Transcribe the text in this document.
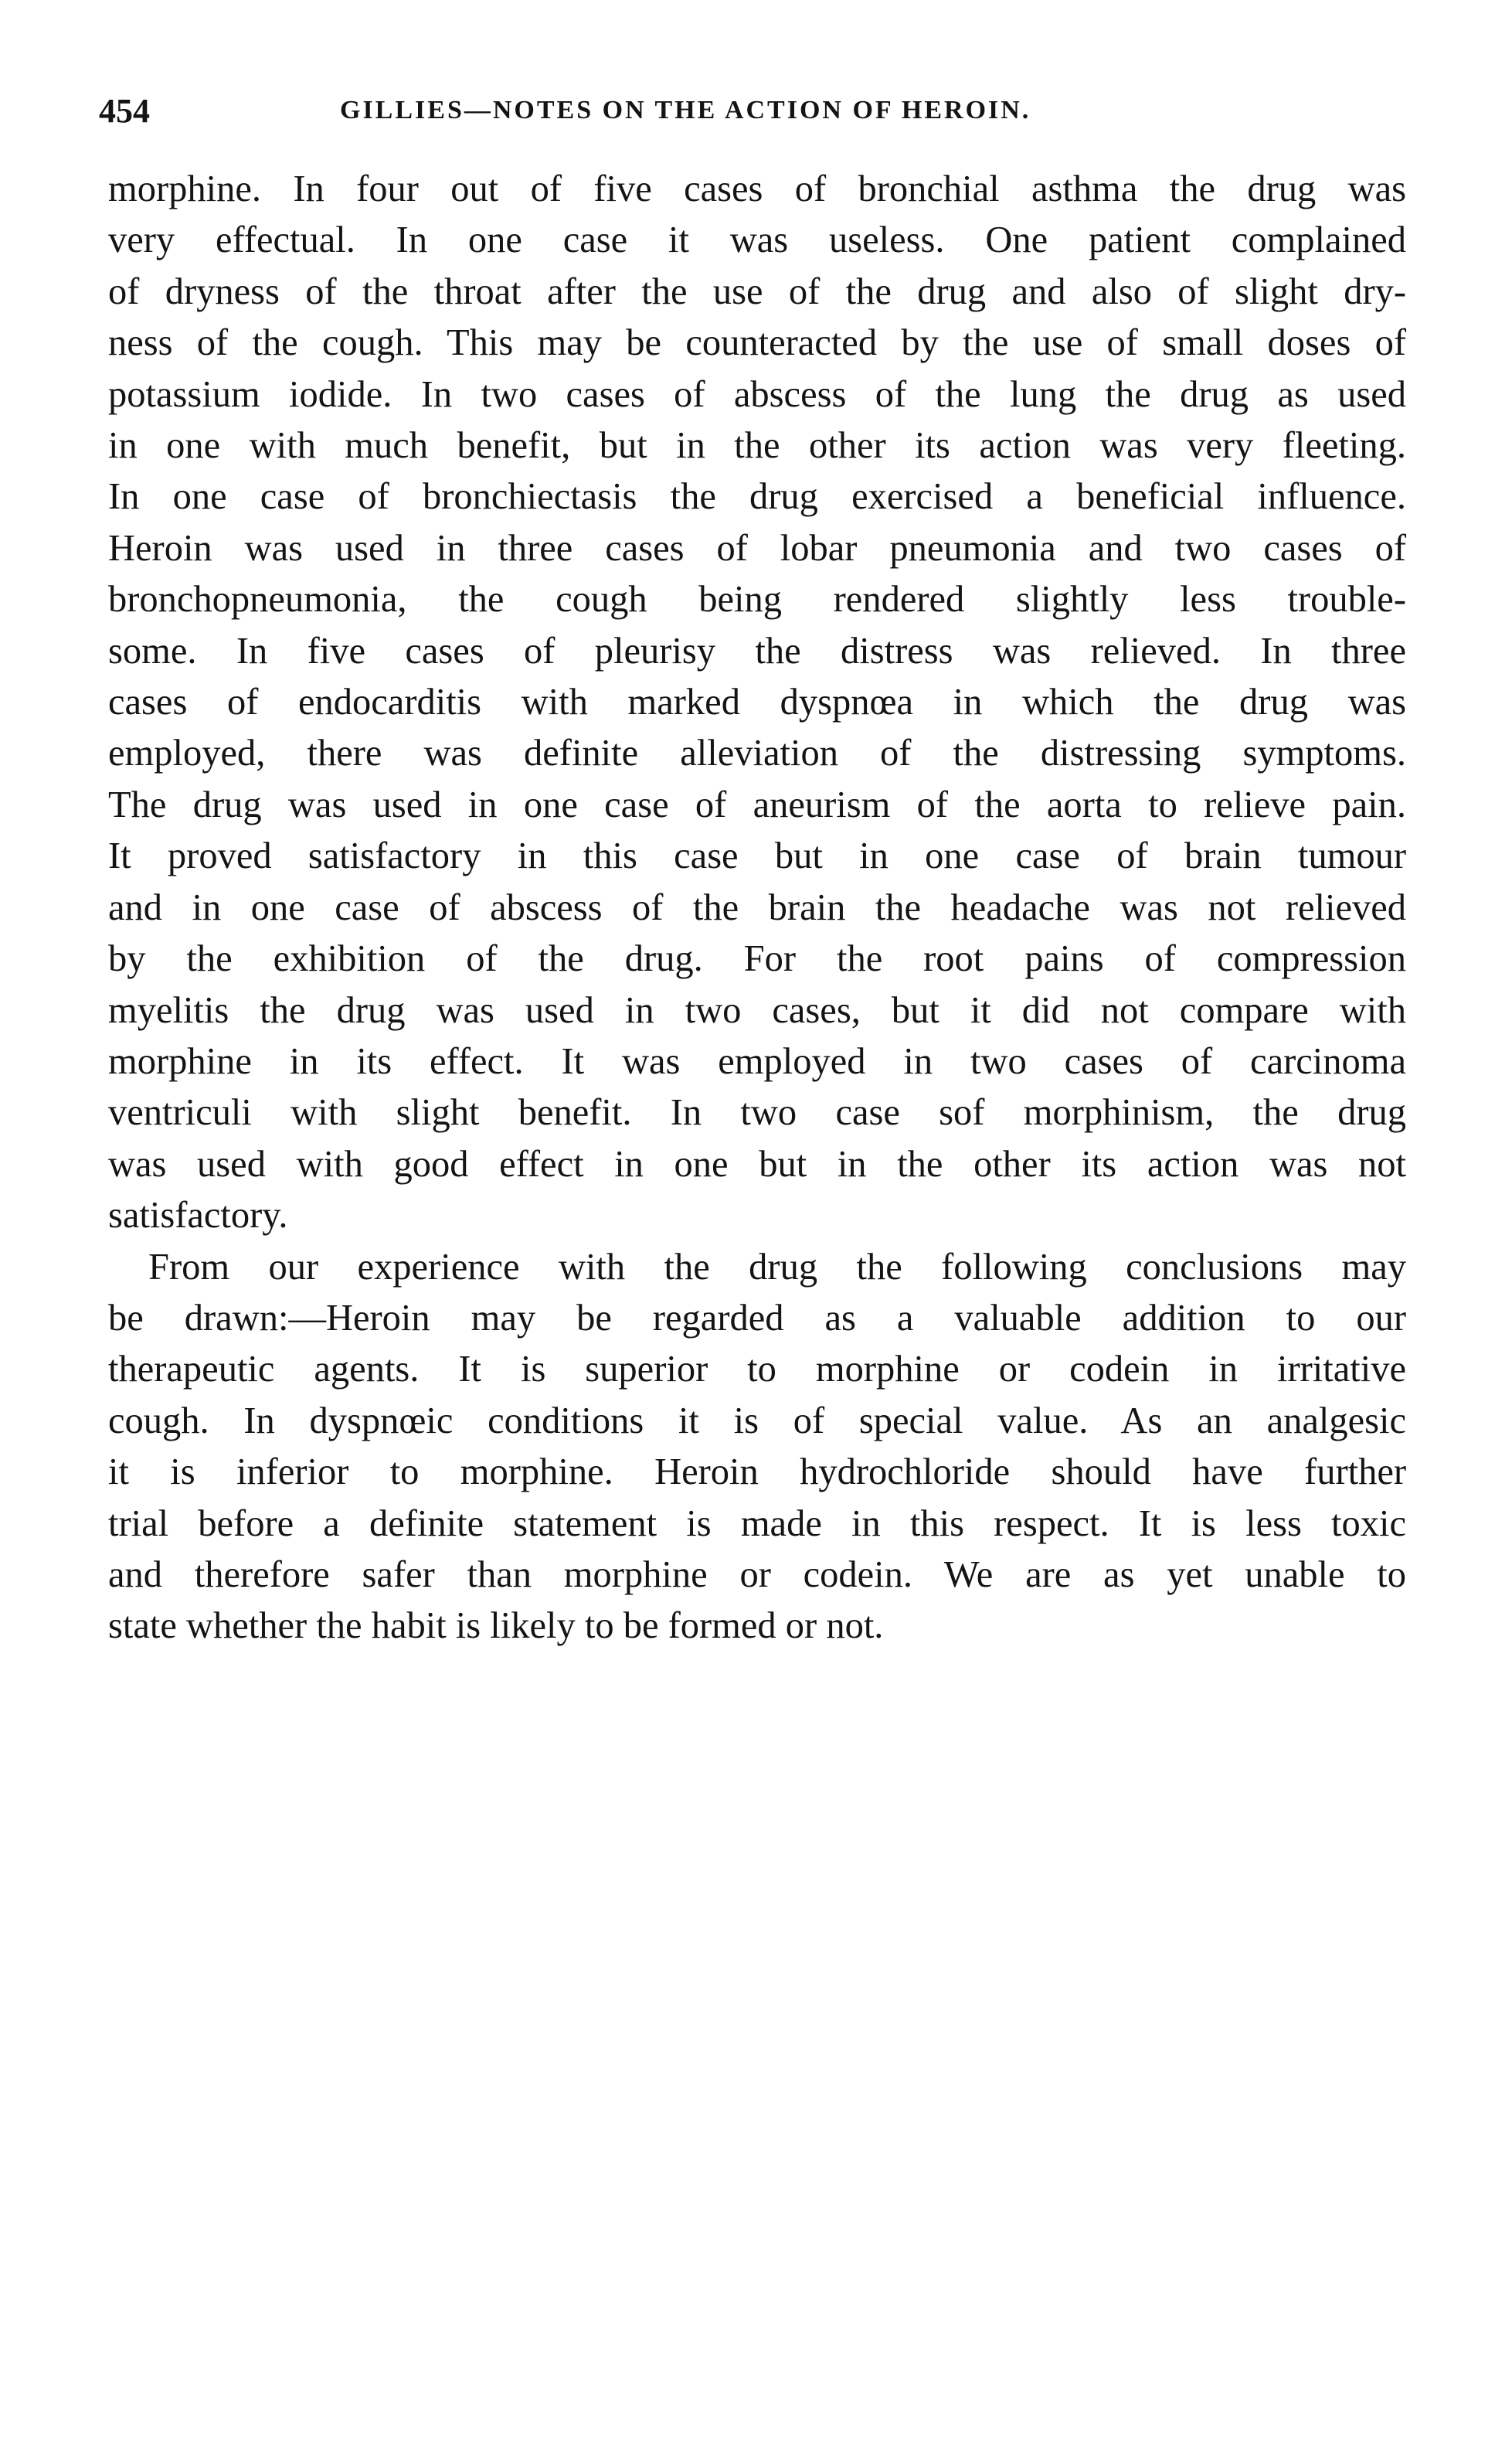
454	GILLIES—NOTES ON THE ACTION OF HEROIN.
morphine. In four out of five cases of bronchial asthma the drug was
very effectual. In one case it was useless. One patient complained
of dryness of the throat after the use of the drug and also of slight dry-
ness of the cough. This may be counteracted by the use of small doses of
potassium iodide. In two cases of abscess of the lung the drug as used
in one with much benefit, but in the other its action was very fleeting.
In one case of bronchiectasis the drug exercised a beneficial influence.
Heroin was used in three cases of lobar pneumonia and two cases of
bronchopneumonia, the cough being rendered slightly less trouble-
some. In five cases of pleurisy the distress was relieved. In three
cases of endocarditis with marked dyspnœa in which the drug was
employed, there was definite alleviation of the distressing symptoms.
The drug was used in one case of aneurism of the aorta to relieve pain.
It proved satisfactory in this case but in one case of brain tumour
and in one case of abscess of the brain the headache was not relieved
by the exhibition of the drug. For the root pains of compression
myelitis the drug was used in two cases, but it did not compare with
morphine in its effect. It was employed in two cases of carcinoma
ventriculi with slight benefit. In two case sof morphinism, the drug
was used with good effect in one but in the other its action was not
satisfactory.
From our experience with the drug the following conclusions may
be drawn:—Heroin may be regarded as a valuable addition to our
therapeutic agents. It is superior to morphine or codein in irritative
cough. In dyspnœic conditions it is of special value. As an analgesic
it is inferior to morphine. Heroin hydrochloride should have further
trial before a definite statement is made in this respect. It is less toxic
and therefore safer than morphine or codein. We are as yet unable to
state whether the habit is likely to be formed or not.
